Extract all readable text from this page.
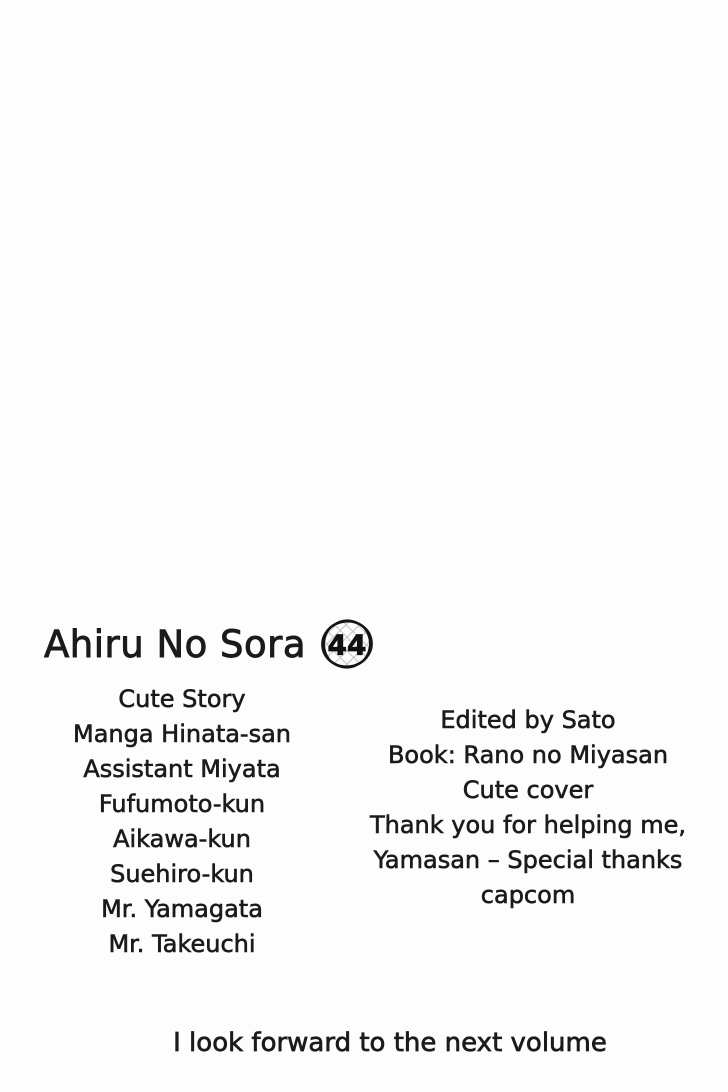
Ahiru No Sora 44
Cute Story
Manga Hinata-san
Assistant Miyata
Fufumoto-kun
Aikawa-kun
Suehiro-kun
Mr. Yamagata
Mr. Takeuchi
Edited by Sato
Book: Rano no Miyasan
Cute cover
Thank you for helping me,
Yamasan – Special thanks
capcom
I look forward to the next volume
